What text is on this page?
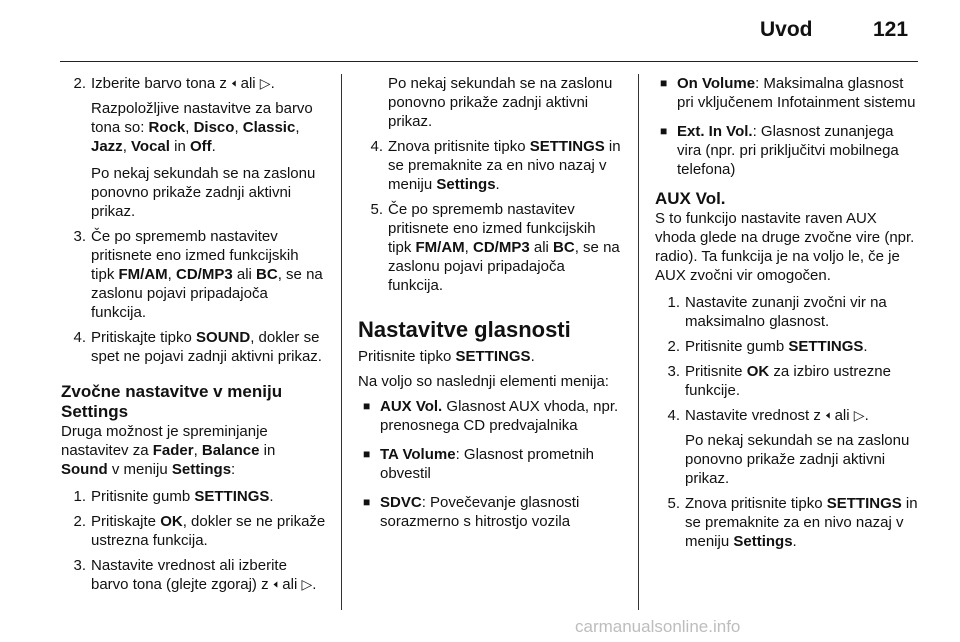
Uvod	121
2. Izberite barvo tona z 🢐 ali ▷.
Razpoložljive nastavitve za barvo tona so: Rock, Disco, Classic, Jazz, Vocal in Off.
Po nekaj sekundah se na zaslonu ponovno prikaže zadnji aktivni prikaz.
3. Če po sprememb nastavitev pritisnete eno izmed funkcijskih tipk FM/AM, CD/MP3 ali BC, se na zaslonu pojavi pripadajoča funkcija.
4. Pritiskajte tipko SOUND, dokler se spet ne pojavi zadnji aktivni prikaz.
Zvočne nastavitve v meniju Settings
Druga možnost je spreminjanje nastavitev za Fader, Balance in Sound v meniju Settings:
1. Pritisnite gumb SETTINGS.
2. Pritiskajte OK, dokler se ne prikaže ustrezna funkcija.
3. Nastavite vrednost ali izberite barvo tona (glejte zgoraj) z 🢐 ali ▷.
Po nekaj sekundah se na zaslonu ponovno prikaže zadnji aktivni prikaz.
4. Znova pritisnite tipko SETTINGS in se premaknite za en nivo nazaj v meniju Settings.
5. Če po sprememb nastavitev pritisnete eno izmed funkcijskih tipk FM/AM, CD/MP3 ali BC, se na zaslonu pojavi pripadajoča funkcija.
Nastavitve glasnosti
Pritisnite tipko SETTINGS.
Na voljo so naslednji elementi menija:
■ AUX Vol. Glasnost AUX vhoda, npr. prenosnega CD predvajalnika
■ TA Volume: Glasnost prometnih obvestil
■ SDVC: Povečevanje glasnosti sorazmerno s hitrostjo vozila
■ On Volume: Maksimalna glasnost pri vključenem Infotainment sistemu
■ Ext. In Vol.: Glasnost zunanjega vira (npr. pri priključitvi mobilnega telefona)
AUX Vol.
S to funkcijo nastavite raven AUX vhoda glede na druge zvočne vire (npr. radio). Ta funkcija je na voljo le, če je AUX zvočni vir omogočen.
1. Nastavite zunanji zvočni vir na maksimalno glasnost.
2. Pritisnite gumb SETTINGS.
3. Pritisnite OK za izbiro ustrezne funkcije.
4. Nastavite vrednost z 🢐 ali ▷.
Po nekaj sekundah se na zaslonu ponovno prikaže zadnji aktivni prikaz.
5. Znova pritisnite tipko SETTINGS in se premaknite za en nivo nazaj v meniju Settings.
carmanualsonline.info
